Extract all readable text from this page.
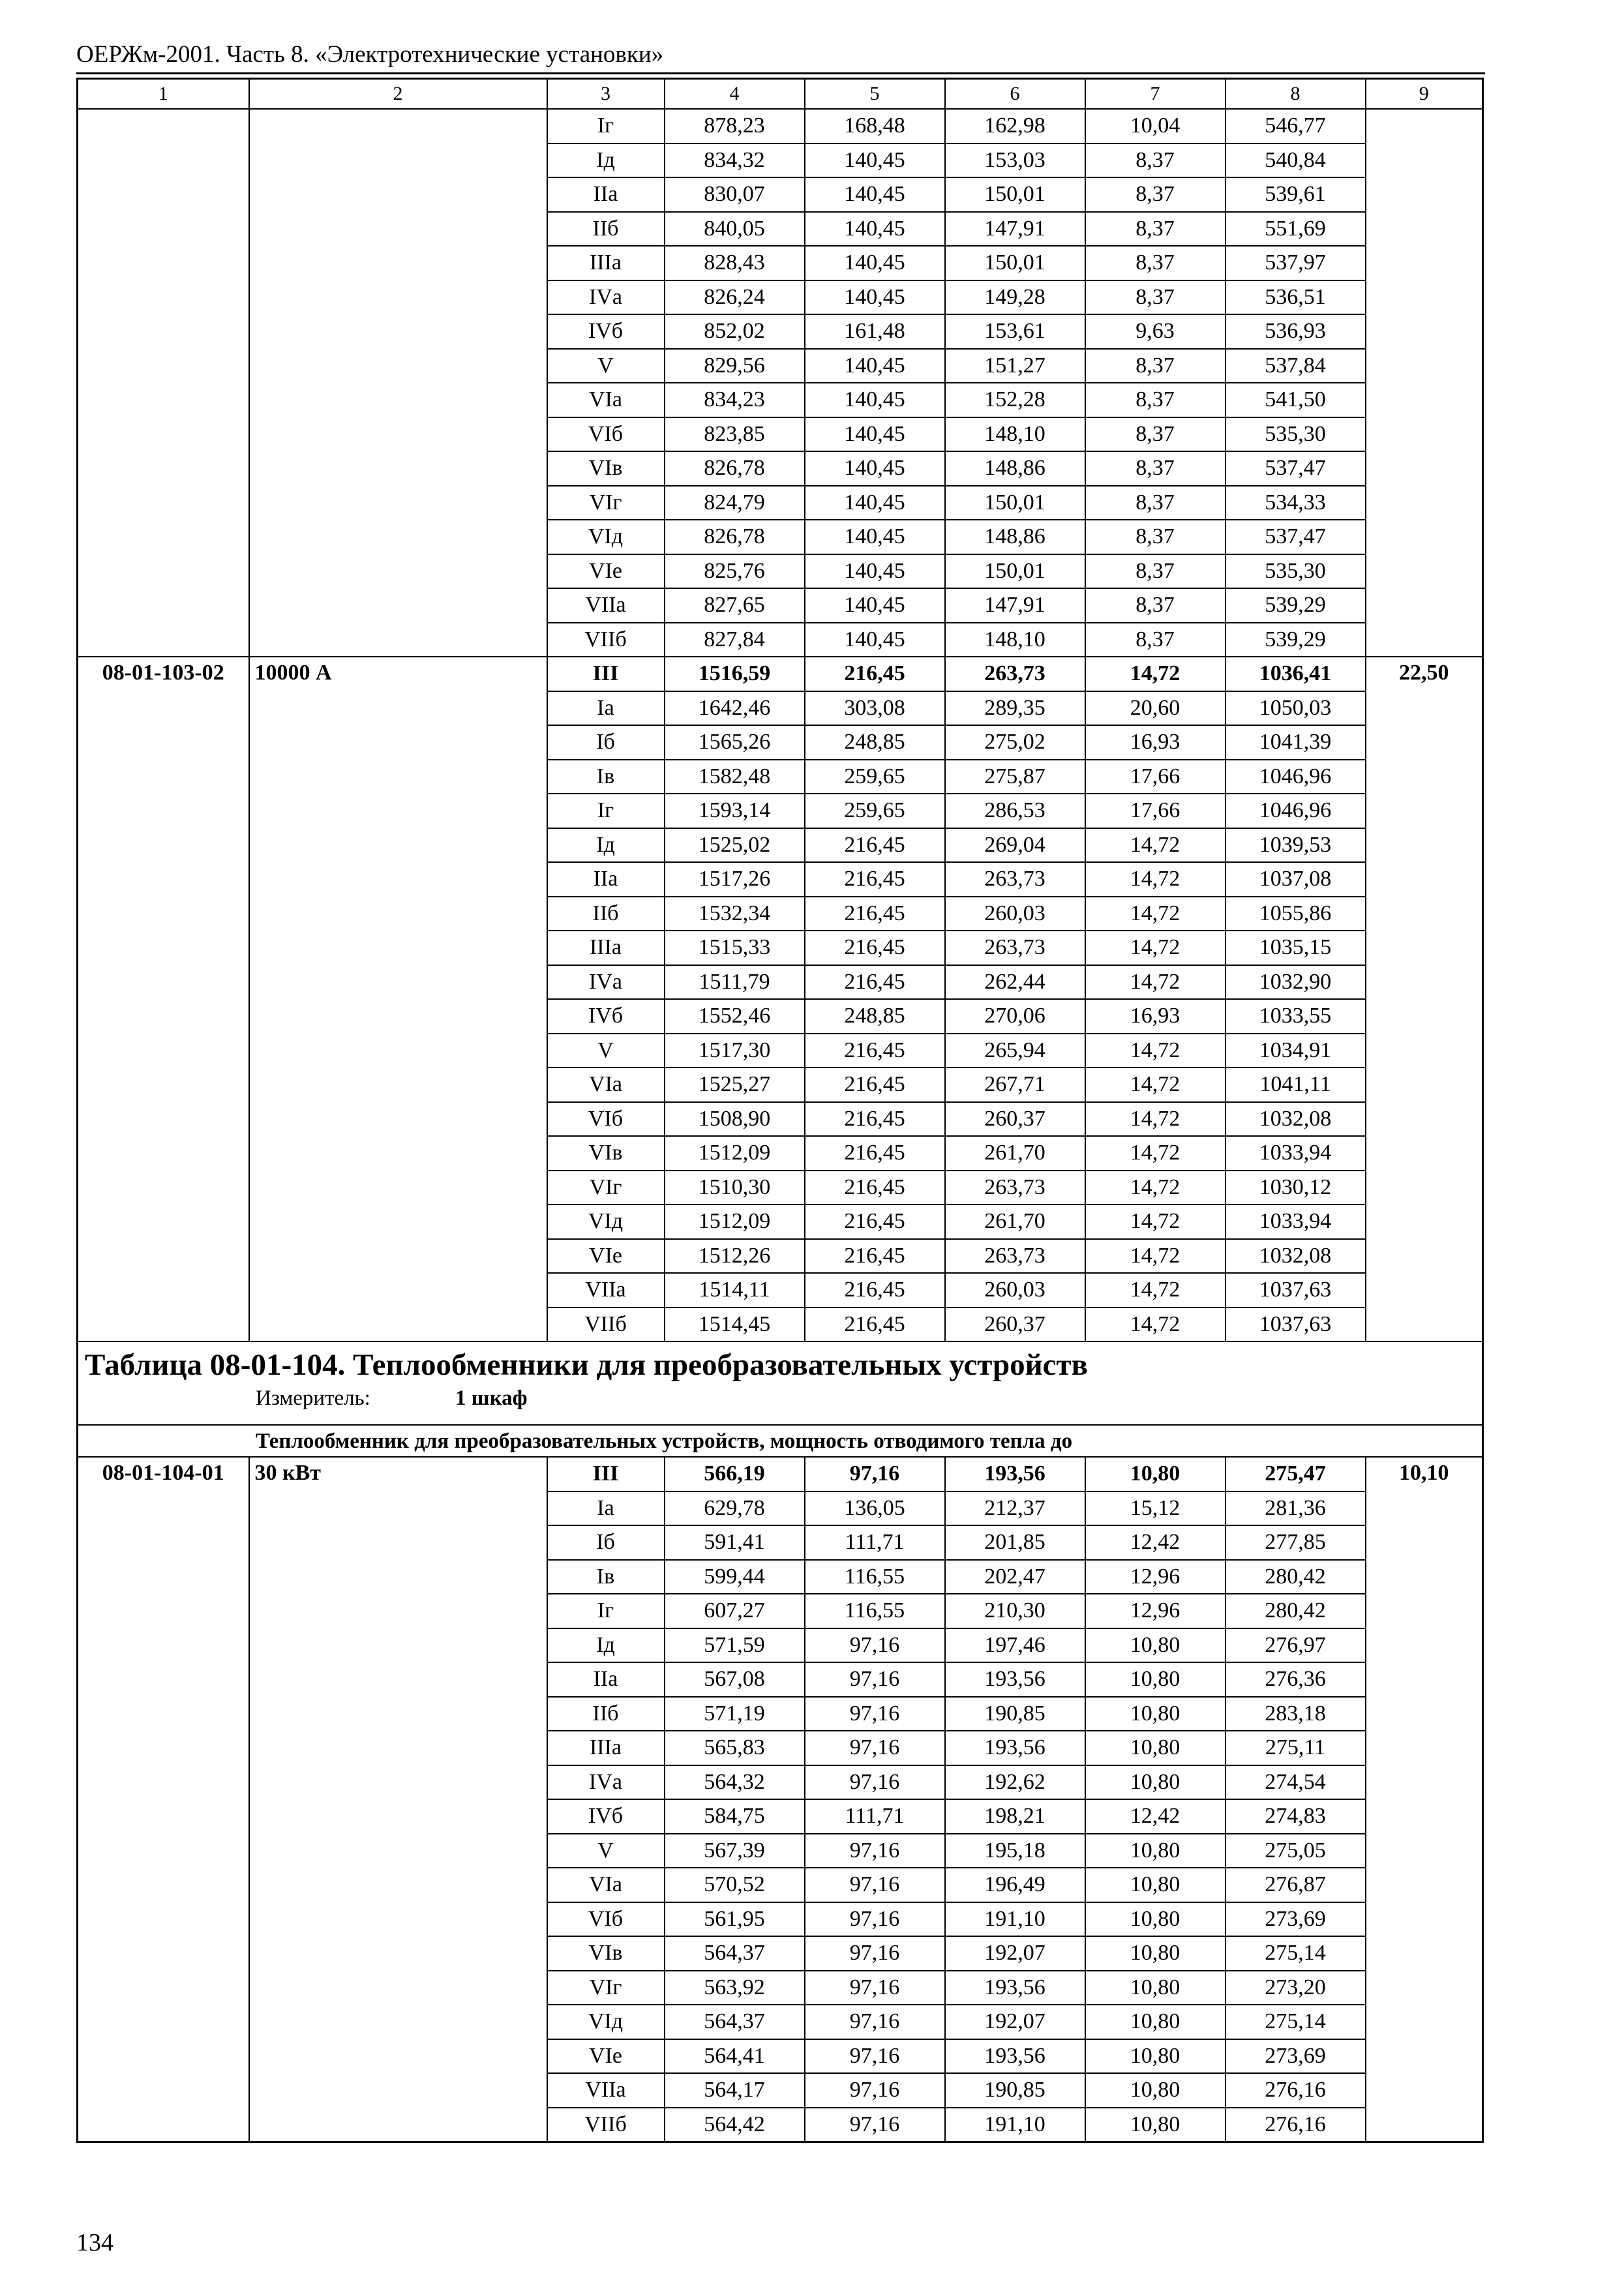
ОЕРЖм-2001. Часть 8. «Электротехнические установки»
1	2	3	4	5	6	7	8	9
		Iг	878,23	168,48	162,98	10,04	546,77	
		Iд	834,32	140,45	153,03	8,37	540,84	
		IIа	830,07	140,45	150,01	8,37	539,61	
		IIб	840,05	140,45	147,91	8,37	551,69	
		IIIа	828,43	140,45	150,01	8,37	537,97	
		IVа	826,24	140,45	149,28	8,37	536,51	
		IVб	852,02	161,48	153,61	9,63	536,93	
		V	829,56	140,45	151,27	8,37	537,84	
		VIа	834,23	140,45	152,28	8,37	541,50	
		VIб	823,85	140,45	148,10	8,37	535,30	
		VIв	826,78	140,45	148,86	8,37	537,47	
		VIг	824,79	140,45	150,01	8,37	534,33	
		VIд	826,78	140,45	148,86	8,37	537,47	
		VIе	825,76	140,45	150,01	8,37	535,30	
		VIIа	827,65	140,45	147,91	8,37	539,29	
		VIIб	827,84	140,45	148,10	8,37	539,29	
08-01-103-02	10000 А	III	1516,59	216,45	263,73	14,72	1036,41	22,50
		Iа	1642,46	303,08	289,35	20,60	1050,03	
		Iб	1565,26	248,85	275,02	16,93	1041,39	
		Iв	1582,48	259,65	275,87	17,66	1046,96	
		Iг	1593,14	259,65	286,53	17,66	1046,96	
		Iд	1525,02	216,45	269,04	14,72	1039,53	
		IIа	1517,26	216,45	263,73	14,72	1037,08	
		IIб	1532,34	216,45	260,03	14,72	1055,86	
		IIIа	1515,33	216,45	263,73	14,72	1035,15	
		IVа	1511,79	216,45	262,44	14,72	1032,90	
		IVб	1552,46	248,85	270,06	16,93	1033,55	
		V	1517,30	216,45	265,94	14,72	1034,91	
		VIа	1525,27	216,45	267,71	14,72	1041,11	
		VIб	1508,90	216,45	260,37	14,72	1032,08	
		VIв	1512,09	216,45	261,70	14,72	1033,94	
		VIг	1510,30	216,45	263,73	14,72	1030,12	
		VIд	1512,09	216,45	261,70	14,72	1033,94	
		VIе	1512,26	216,45	263,73	14,72	1032,08	
		VIIа	1514,11	216,45	260,03	14,72	1037,63	
		VIIб	1514,45	216,45	260,37	14,72	1037,63	

Таблица 08-01-104. Теплообменники для преобразовательных устройств
Измеритель: 1 шкаф								

Теплообменник для преобразовательных устройств, мощность отводимого тепла до								
08-01-104-01	30 кВт	III	566,19	97,16	193,56	10,80	275,47	10,10
		Iа	629,78	136,05	212,37	15,12	281,36	
		Iб	591,41	111,71	201,85	12,42	277,85	
		Iв	599,44	116,55	202,47	12,96	280,42	
		Iг	607,27	116,55	210,30	12,96	280,42	
		Iд	571,59	97,16	197,46	10,80	276,97	
		IIа	567,08	97,16	193,56	10,80	276,36	
		IIб	571,19	97,16	190,85	10,80	283,18	
		IIIа	565,83	97,16	193,56	10,80	275,11	
		IVа	564,32	97,16	192,62	10,80	274,54	
		IVб	584,75	111,71	198,21	12,42	274,83	
		V	567,39	97,16	195,18	10,80	275,05	
		VIа	570,52	97,16	196,49	10,80	276,87	
		VIб	561,95	97,16	191,10	10,80	273,69	
		VIв	564,37	97,16	192,07	10,80	275,14	
		VIг	563,92	97,16	193,56	10,80	273,20	
		VIд	564,37	97,16	192,07	10,80	275,14	
		VIе	564,41	97,16	193,56	10,80	273,69	
		VIIа	564,17	97,16	190,85	10,80	276,16	
		VIIб	564,42	97,16	191,10	10,80	276,16	
134
